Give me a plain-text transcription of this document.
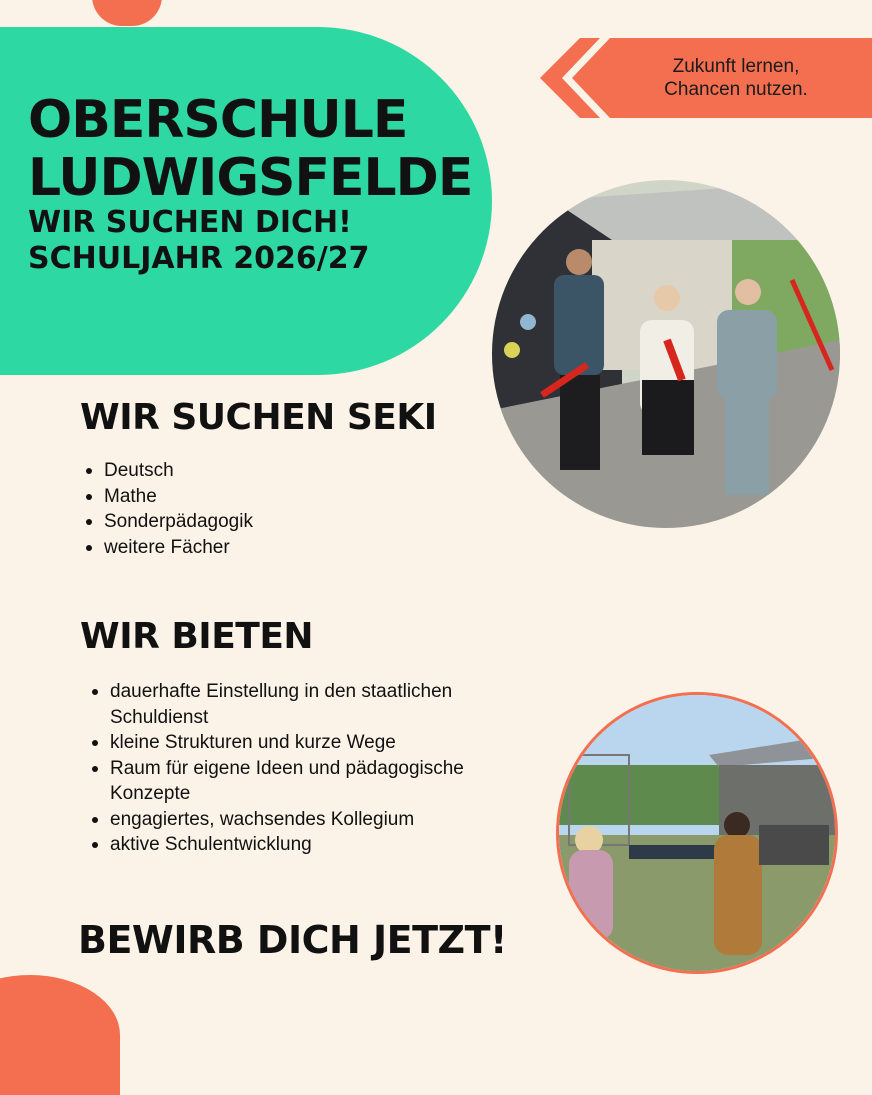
OBERSCHULE
LUDWIGSFELDE

WIR SUCHEN DICH!
SCHULJAHR 2026/27

Zukunft lernen,
Chancen nutzen.
WIR SUCHEN SEKI
Deutsch
Mathe
Sonderpädagogik
weitere Fächer
WIR BIETEN
dauerhafte Einstellung in den staatlichen Schuldienst
kleine Strukturen und kurze Wege
Raum für eigene Ideen und pädagogische Konzepte
engagiertes, wachsendes Kollegium
aktive Schulentwicklung
BEWIRB DICH JETZT!
